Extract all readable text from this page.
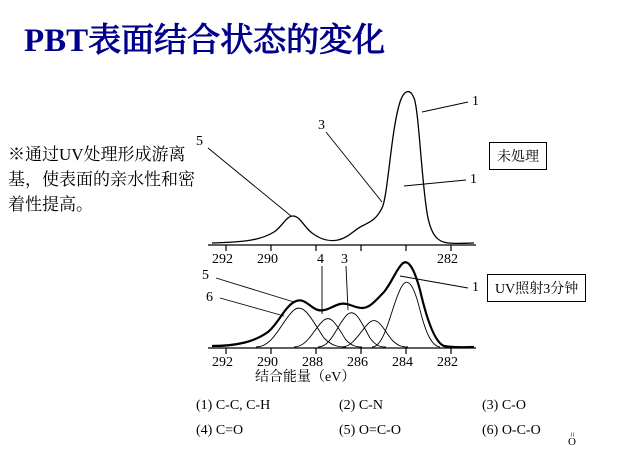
PBT表面结合状态的変化
※通过UV处理形成游离基，使表面的亲水性和密着性提高。
未処理
UV照射3分钟
1
1
3
5
292 290	282
1
5
6
4 3
292 290 288 286 284 282
结合能量（eV）
(1) C-C, C-H	(2) C-N	(3) C-O
(4) C=O	(5) O=C-O	(6) O-C-O	=
O
